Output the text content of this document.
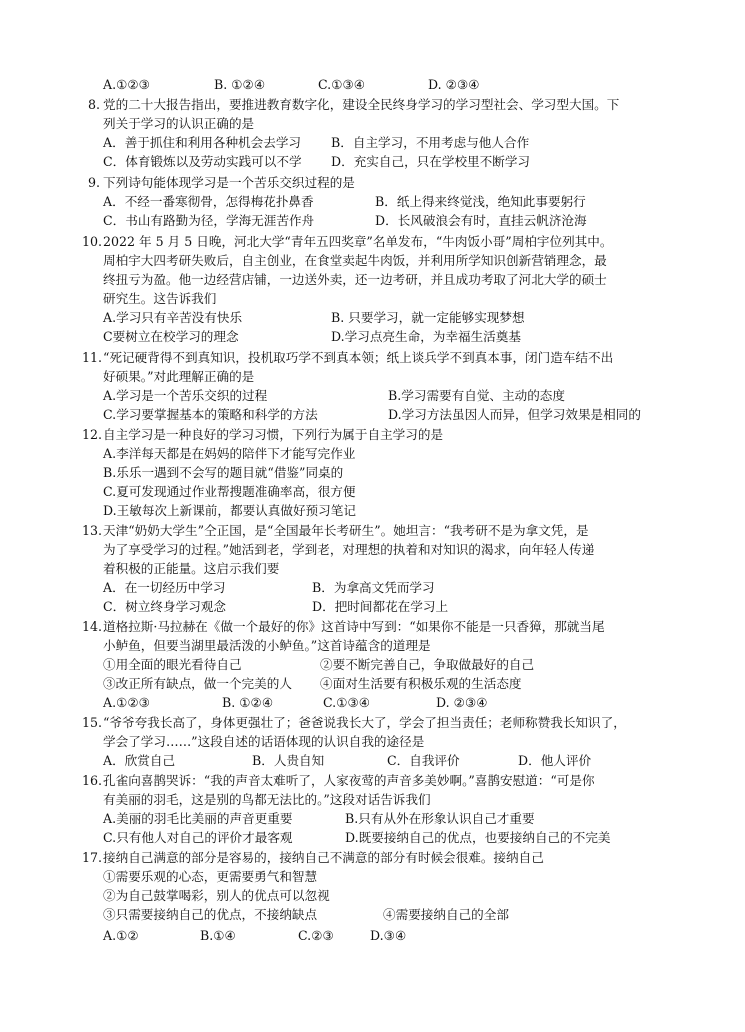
A.①②③	B. ①②④	C.①③④	D. ②③④
8. 党的二十大报告指出，要推进教育数字化，建设全民终身学习的学习型社会、学习型大国。下
列关于学习的认识正确的是
A．善于抓住和利用各种机会去学习 B．自主学习，不用考虑与他人合作
C．体育锻炼以及劳动实践可以不学 D．充实自己，只在学校里不断学习
9. 下列诗句能体现学习是一个苦乐交织过程的是
A．不经一番寒彻骨，怎得梅花扑鼻香	B．纸上得来终觉浅，绝知此事要躬行
C．书山有路勤为径，学海无涯苦作舟	D．长风破浪会有时，直挂云帆济沧海
10. 2022 年 5 月 5 日晚，河北大学“青年五四奖章”名单发布，“牛肉饭小哥”周柏宇位列其中。
周柏宇大四考研失败后，自主创业，在食堂卖起牛肉饭，并利用所学知识创新营销理念，最
终扭亏为盈。他一边经营店铺，一边送外卖，还一边考研，并且成功考取了河北大学的硕士
研究生。这告诉我们
A.学习只有辛苦没有快乐	B. 只要学习，就一定能够实现梦想
C要树立在校学习的理念	D.学习点亮生命，为幸福生活奠基
11. “死记硬背得不到真知识，投机取巧学不到真本领；纸上谈兵学不到真本事，闭门造车结不出
好硕果。”对此理解正确的是
A.学习是一个苦乐交织的过程	B.学习需要有自觉、主动的态度
C.学习要掌握基本的策略和科学的方法	D.学习方法虽因人而异，但学习效果是相同的
12. 自主学习是一种良好的学习习惯，下列行为属于自主学习的是
A.李洋每天都是在妈妈的陪伴下才能写完作业
B.乐乐一遇到不会写的题目就“借鉴”同桌的
C.夏可发现通过作业帮搜题准确率高，很方便
D.王敏每次上新课前，都要认真做好预习笔记
13. 天津“奶奶大学生”仝正国，是“全国最年长考研生”。她坦言：“我考研不是为拿文凭，是
为了享受学习的过程。”她活到老，学到老，对理想的执着和对知识的渴求，向年轻人传递
着积极的正能量。这启示我们要
A．在一切经历中学习	B．为拿高文凭而学习
C．树立终身学习观念	D．把时间都花在学习上
14. 道格拉斯·马拉赫在《做一个最好的你》这首诗中写到：“如果你不能是一只香獐，那就当尾
小鲈鱼，但要当湖里最活泼的小鲈鱼。”这首诗蕴含的道理是
①用全面的眼光看待自己	②要不断完善自己，争取做最好的自己
③改正所有缺点，做一个完美的人 ④面对生活要有积极乐观的生活态度
A.①②③	B. ①②④	C.①③④	D. ②③④
15. “爷爷夸我长高了，身体更强壮了；爸爸说我长大了，学会了担当责任；老师称赞我长知识了，
学会了学习……”这段自述的话语体现的认识自我的途径是
A．欣赏自己	B．人贵自知	C．自我评价	D．他人评价
16. 孔雀向喜鹊哭诉：“我的声音太难听了，人家夜莺的声音多美妙啊。”喜鹊安慰道：“可是你
有美丽的羽毛，这是别的鸟都无法比的。”这段对话告诉我们
A.美丽的羽毛比美丽的声音更重要	B.只有从外在形象认识自己才重要
C.只有他人对自己的评价才最客观	D.既要接纳自己的优点，也要接纳自己的不完美
17. 接纳自己满意的部分是容易的，接纳自己不满意的部分有时候会很难。接纳自己
①需要乐观的心态，更需要勇气和智慧
②为自己鼓掌喝彩，别人的优点可以忽视
③只需要接纳自己的优点，不接纳缺点	④需要接纳自己的全部
A.①②	B.①④	C.②③	D.③④
